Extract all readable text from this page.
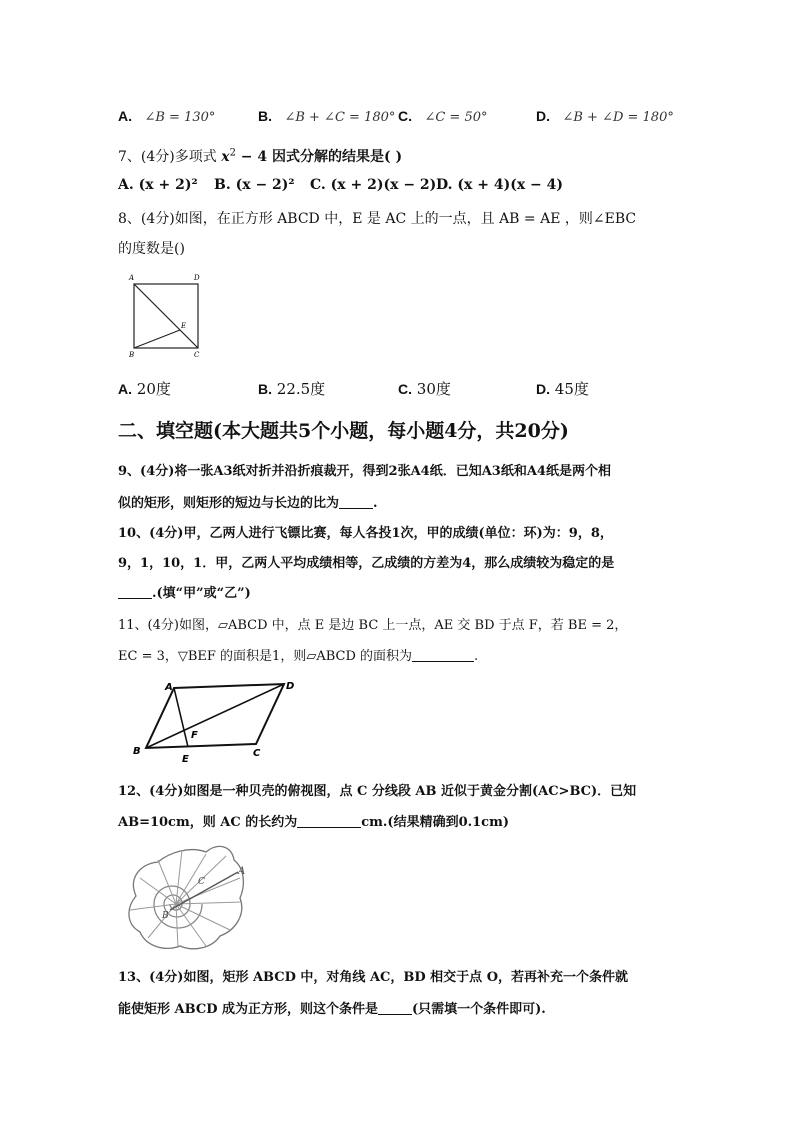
A. ∠B = 130°	B. ∠B + ∠C = 180° C. ∠C = 50°	D. ∠B + ∠D = 180°
7、(4分)多项式 $x^2 - 4$ 因式分解的结果是( )
A. (x + 2)² B. (x − 2)² C. (x + 2)(x − 2) D. (x + 4)(x − 4)
8、(4分)如图，在正方形 ABCD 中，E 是 AC 上的一点，且 AB = AE ，则∠EBC
的度数是()
A	D
B	C
E
A. 20度	B. 22.5度	C. 30度	D. 45度
二、填空题(本大题共5个小题，每小题4分，共20分)
9、(4分)将一张A3纸对折并沿折痕裁开，得到2张A4纸．已知A3纸和A4纸是两个相
似的矩形，则矩形的短边与长边的比为	.
10、(4分)甲，乙两人进行飞镖比赛，每人各投1次，甲的成绩(单位：环)为：9，8，
9，1，10，1．甲，乙两人平均成绩相等，乙成绩的方差为4，那么成绩较为稳定的是
.(填“甲”或“乙”)
11、(4分)如图，▱ABCD 中，点 E 是边 BC 上一点，AE 交 BD 于点 F，若 BE = 2，
EC = 3，▽BEF 的面积是1，则▱ABCD 的面积为	.
A	D
B	C
E
F
12、(4分)如图是一种贝壳的俯视图，点 C 分线段 AB 近似于黄金分割(AC>BC)．已知
AB=10cm，则 AC 的长约为	cm.(结果精确到0.1cm)
A
B
C
13、(4分)如图，矩形 ABCD 中，对角线 AC，BD 相交于点 O，若再补充一个条件就
能使矩形 ABCD 成为正方形，则这个条件是	(只需填一个条件即可).
